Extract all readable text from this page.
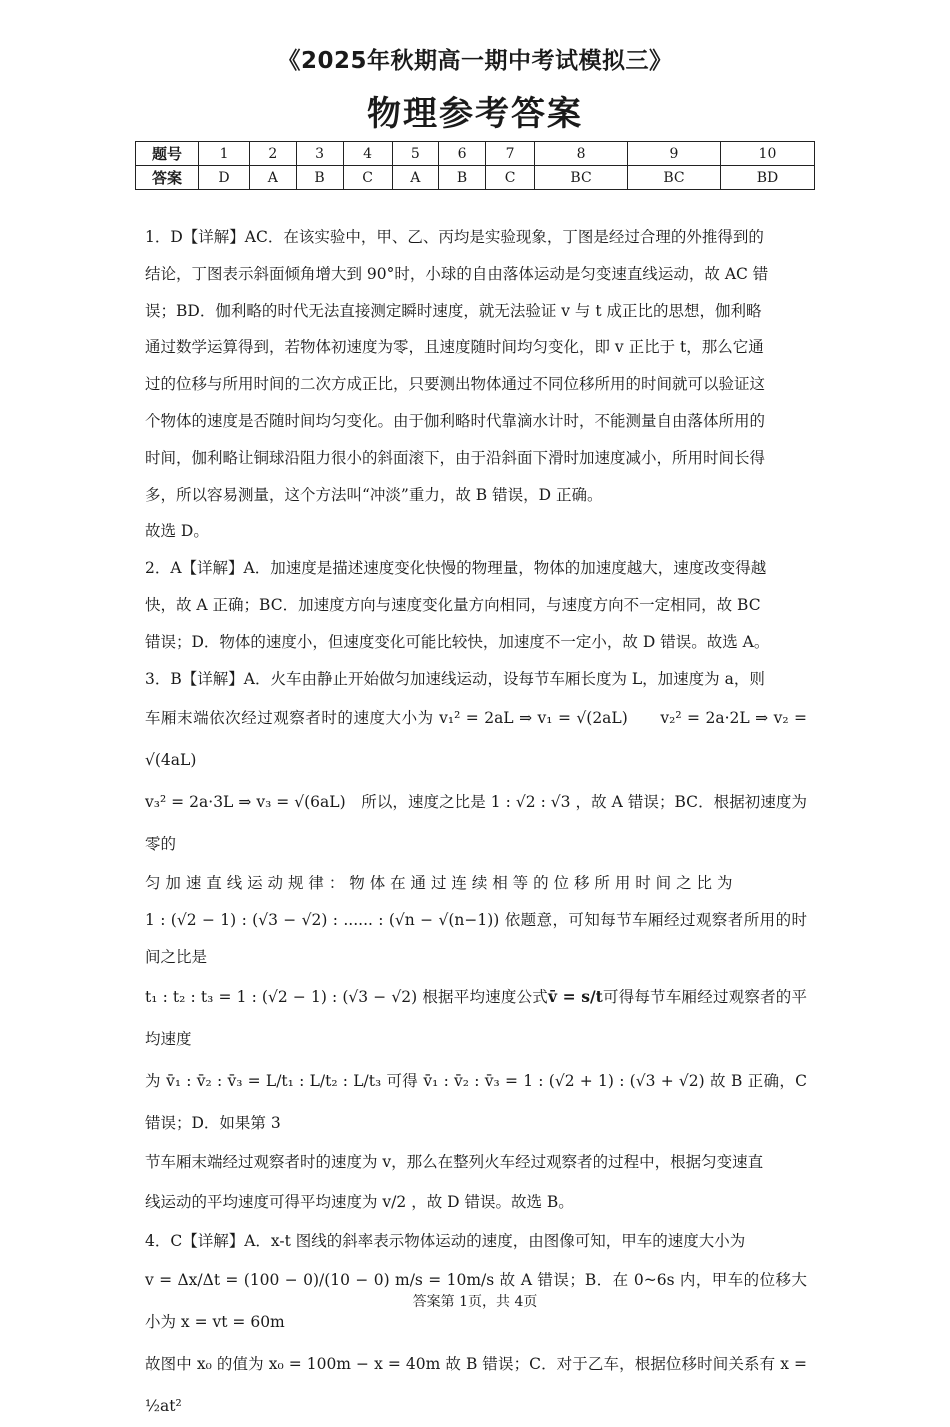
《2025年秋期高一期中考试模拟三》
物理参考答案
题号	1	2	3	4	5	6	7	8	9	10
答案	D	A	B	C	A	B	C	BC	BC	BD

1．D【详解】AC．在该实验中，甲、乙、丙均是实验现象，丁图是经过合理的外推得到的

结论，丁图表示斜面倾角增大到 90°时，小球的自由落体运动是匀变速直线运动，故 AC 错

误；BD．伽利略的时代无法直接测定瞬时速度，就无法验证 v 与 t 成正比的思想，伽利略

通过数学运算得到，若物体初速度为零，且速度随时间均匀变化，即 v 正比于 t，那么它通

过的位移与所用时间的二次方成正比，只要测出物体通过不同位移所用的时间就可以验证这

个物体的速度是否随时间均匀变化。由于伽利略时代靠滴水计时，不能测量自由落体所用的

时间，伽利略让铜球沿阻力很小的斜面滚下，由于沿斜面下滑时加速度减小，所用时间长得

多，所以容易测量，这个方法叫“冲淡”重力，故 B 错误，D 正确。

故选 D。

2．A【详解】A．加速度是描述速度变化快慢的物理量，物体的加速度越大，速度改变得越

快，故 A 正确；BC．加速度方向与速度变化量方向相同，与速度方向不一定相同，故 BC

错误；D．物体的速度小，但速度变化可能比较快，加速度不一定小，故 D 错误。故选 A。

3．B【详解】A．火车由静止开始做匀加速线运动，设每节车厢长度为 L，加速度为 a，则

车厢末端依次经过观察者时的速度大小为 v₁² = 2aL ⇒ v₁ = √(2aL)　　v₂² = 2a·2L ⇒ v₂ = √(4aL)

v₃² = 2a·3L ⇒ v₃ = √(6aL)　所以，速度之比是 1 : √2 : √3 ，故 A 错误；BC．根据初速度为零的

匀 加 速 直 线 运 动 规 律 ： 物 体 在 通 过 连 续 相 等 的 位 移 所 用 时 间 之 比 为

1 : (√2 − 1) : (√3 − √2) : ...... : (√n − √(n−1)) 依题意，可知每节车厢经过观察者所用的时间之比是

t₁ : t₂ : t₃ = 1 : (√2 − 1) : (√3 − √2) 根据平均速度公式v̄ = s/t可得每节车厢经过观察者的平均速度

为 v̄₁ : v̄₂ : v̄₃ = L/t₁ : L/t₂ : L/t₃ 可得 v̄₁ : v̄₂ : v̄₃ = 1 : (√2 + 1) : (√3 + √2) 故 B 正确，C 错误；D．如果第 3

节车厢末端经过观察者时的速度为 v，那么在整列火车经过观察者的过程中，根据匀变速直

线运动的平均速度可得平均速度为 v/2 ，故 D 错误。故选 B。

4．C【详解】A．x-t 图线的斜率表示物体运动的速度，由图像可知，甲车的速度大小为

v = Δx/Δt = (100 − 0)/(10 − 0) m/s = 10m/s 故 A 错误；B．在 0~6s 内，甲车的位移大小为 x = vt = 60m

故图中 x₀ 的值为 x₀ = 100m − x = 40m 故 B 错误；C．对于乙车，根据位移时间关系有 x = ½at²

答案第 1页，共 4页
